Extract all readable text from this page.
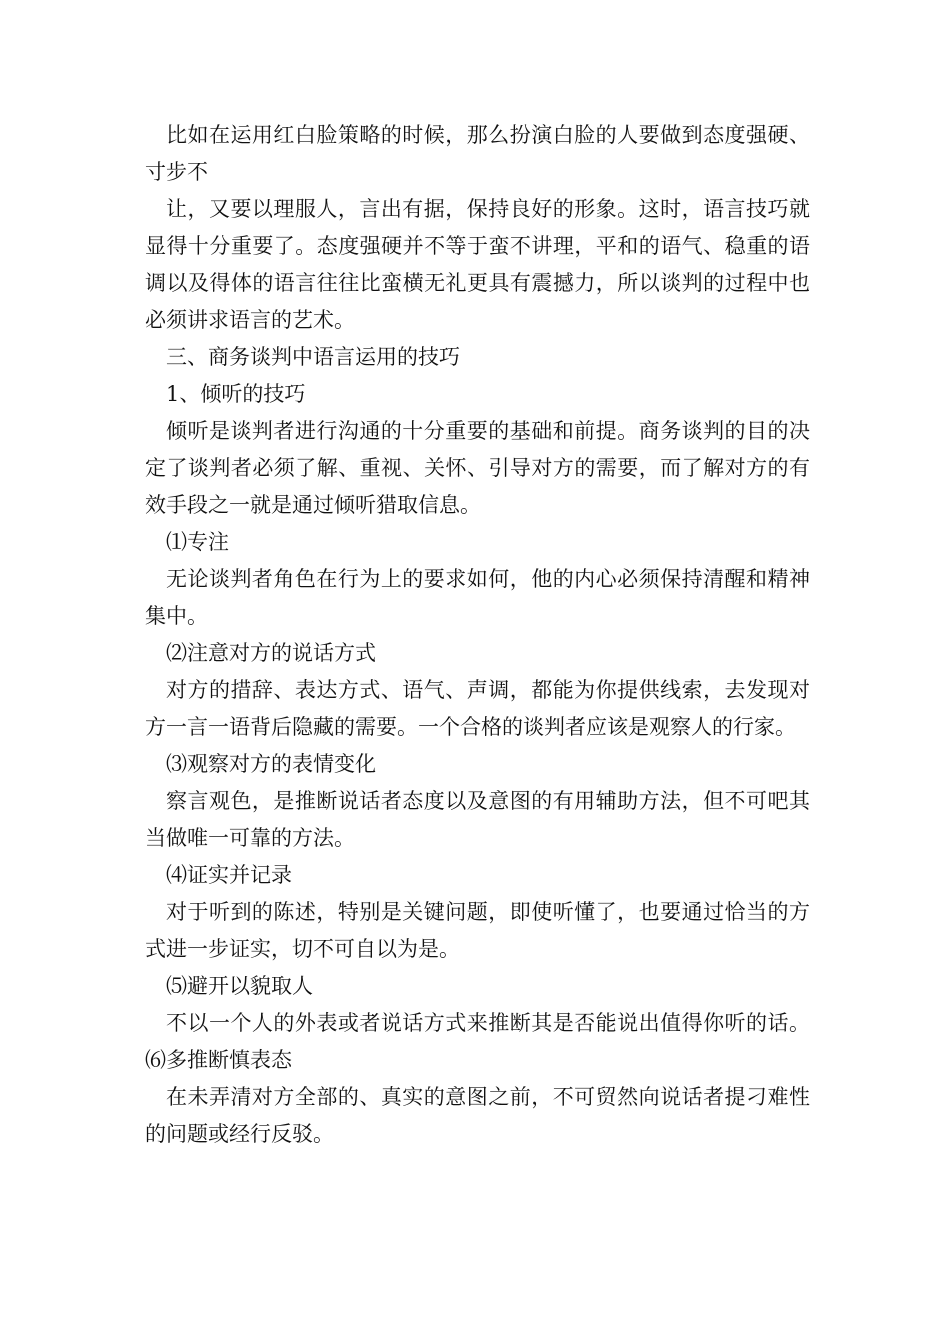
比如在运用红白脸策略的时候，那么扮演白脸的人要做到态度强硬、寸步不

让，又要以理服人，言出有据，保持良好的形象。这时，语言技巧就显得十分重要了。态度强硬并不等于蛮不讲理，平和的语气、稳重的语调以及得体的语言往往比蛮横无礼更具有震撼力，所以谈判的过程中也必须讲求语言的艺术。

三、商务谈判中语言运用的技巧

1、倾听的技巧

倾听是谈判者进行沟通的十分重要的基础和前提。商务谈判的目的决定了谈判者必须了解、重视、关怀、引导对方的需要，而了解对方的有效手段之一就是通过倾听猎取信息。

⑴专注

无论谈判者角色在行为上的要求如何，他的内心必须保持清醒和精神集中。

⑵注意对方的说话方式

对方的措辞、表达方式、语气、声调，都能为你提供线索，去发现对方一言一语背后隐藏的需要。一个合格的谈判者应该是观察人的行家。

⑶观察对方的表情变化

察言观色，是推断说话者态度以及意图的有用辅助方法，但不可吧其当做唯一可靠的方法。

⑷证实并记录

对于听到的陈述，特别是关键问题，即使听懂了，也要通过恰当的方式进一步证实，切不可自以为是。

⑸避开以貌取人

不以一个人的外表或者说话方式来推断其是否能说出值得你听的话。⑹多推断慎表态

在未弄清对方全部的、真实的意图之前，不可贸然向说话者提刁难性的问题或经行反驳。
